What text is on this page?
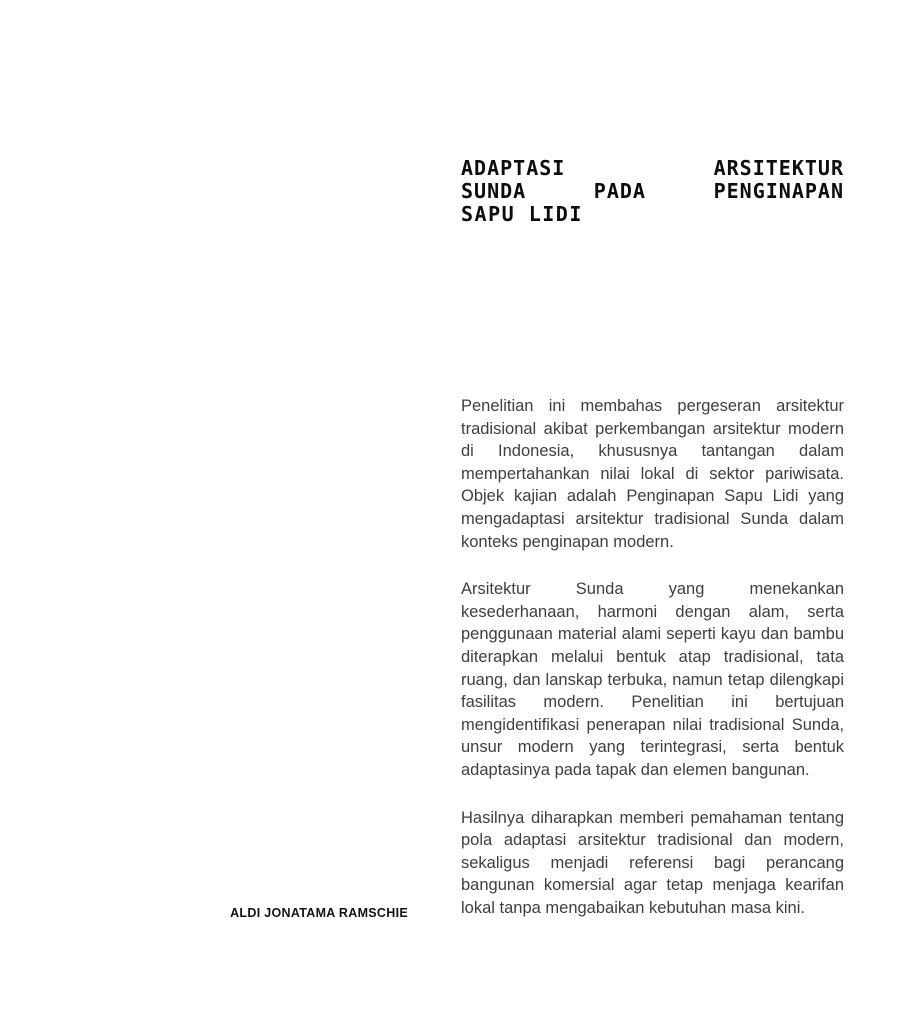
ADAPTASI ARSITEKTUR
SUNDA PADA PENGINAPAN
SAPU LIDI

Penelitian ini membahas pergeseran arsitektur tradisional akibat perkembangan arsitektur modern di Indonesia, khususnya tantangan dalam mempertahankan nilai lokal di sektor pariwisata. Objek kajian adalah Penginapan Sapu Lidi yang mengadaptasi arsitektur tradisional Sunda dalam konteks penginapan modern.

Arsitektur Sunda yang menekankan kesederhanaan, harmoni dengan alam, serta penggunaan material alami seperti kayu dan bambu diterapkan melalui bentuk atap tradisional, tata ruang, dan lanskap terbuka, namun tetap dilengkapi fasilitas modern. Penelitian ini bertujuan mengidentifikasi penerapan nilai tradisional Sunda, unsur modern yang terintegrasi, serta bentuk adaptasinya pada tapak dan elemen bangunan.

Hasilnya diharapkan memberi pemahaman tentang pola adaptasi arsitektur tradisional dan modern, sekaligus menjadi referensi bagi perancang bangunan komersial agar tetap menjaga kearifan lokal tanpa mengabaikan kebutuhan masa kini.

ALDI JONATAMA RAMSCHIE
